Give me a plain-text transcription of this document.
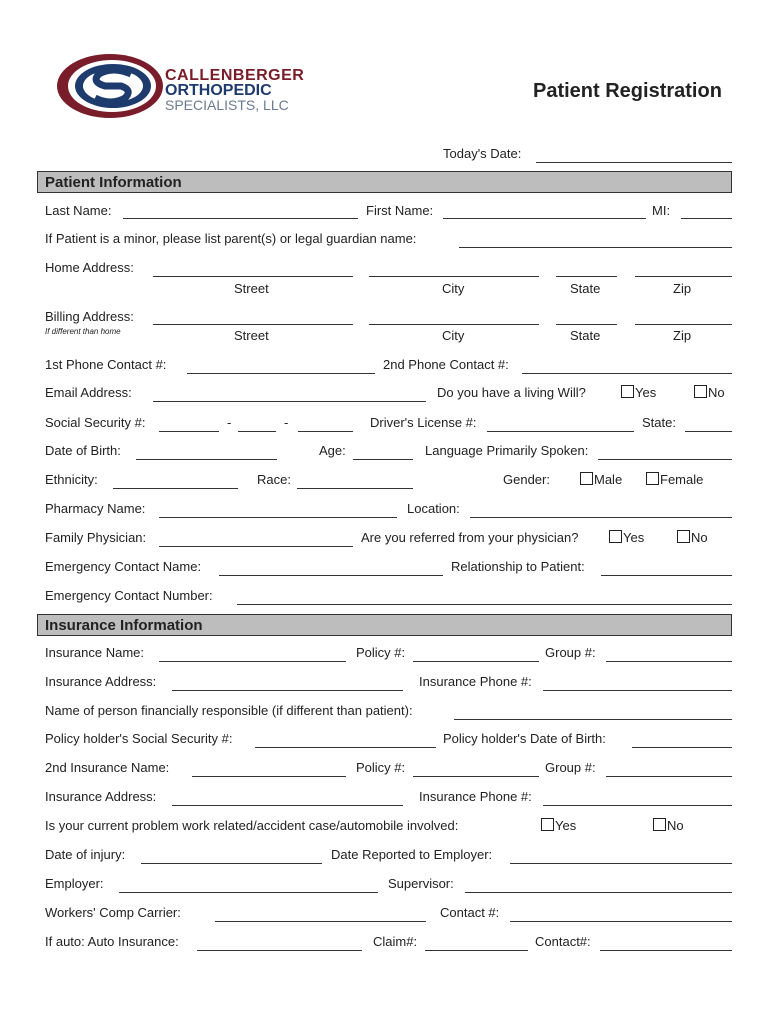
CALLENBERGER
ORTHOPEDIC
SPECIALISTS, LLC
Patient Registration
Today's Date:
Patient Information
Last Name:	First Name:	MI:
If Patient is a minor, please list parent(s) or legal guardian name:
Home Address:
Street	City	State	Zip
Billing Address:
If different than home	Street	City	State	Zip
1st Phone Contact #:	2nd Phone Contact #:
Email Address:	Do you have a living Will?	Yes	No
Social Security #:	-	-	Driver's License #:	State:
Date of Birth:	Age:	Language Primarily Spoken:
Ethnicity:	Race:	Gender:	Male	Female
Pharmacy Name:	Location:
Family Physician:	Are you referred from your physician?	Yes	No
Emergency Contact Name:	Relationship to Patient:
Emergency Contact Number:
Insurance Information
Insurance Name:	Policy #:	Group #:
Insurance Address:	Insurance Phone #:
Name of person financially responsible (if different than patient):
Policy holder's Social Security #:	Policy holder's Date of Birth:
2nd Insurance Name:	Policy #:	Group #:
Insurance Address:	Insurance Phone #:
Is your current problem work related/accident case/automobile involved:	Yes	No
Date of injury:	Date Reported to Employer:
Employer:	Supervisor:
Workers' Comp Carrier:	Contact #:
If auto: Auto Insurance:	Claim#:	Contact#:
